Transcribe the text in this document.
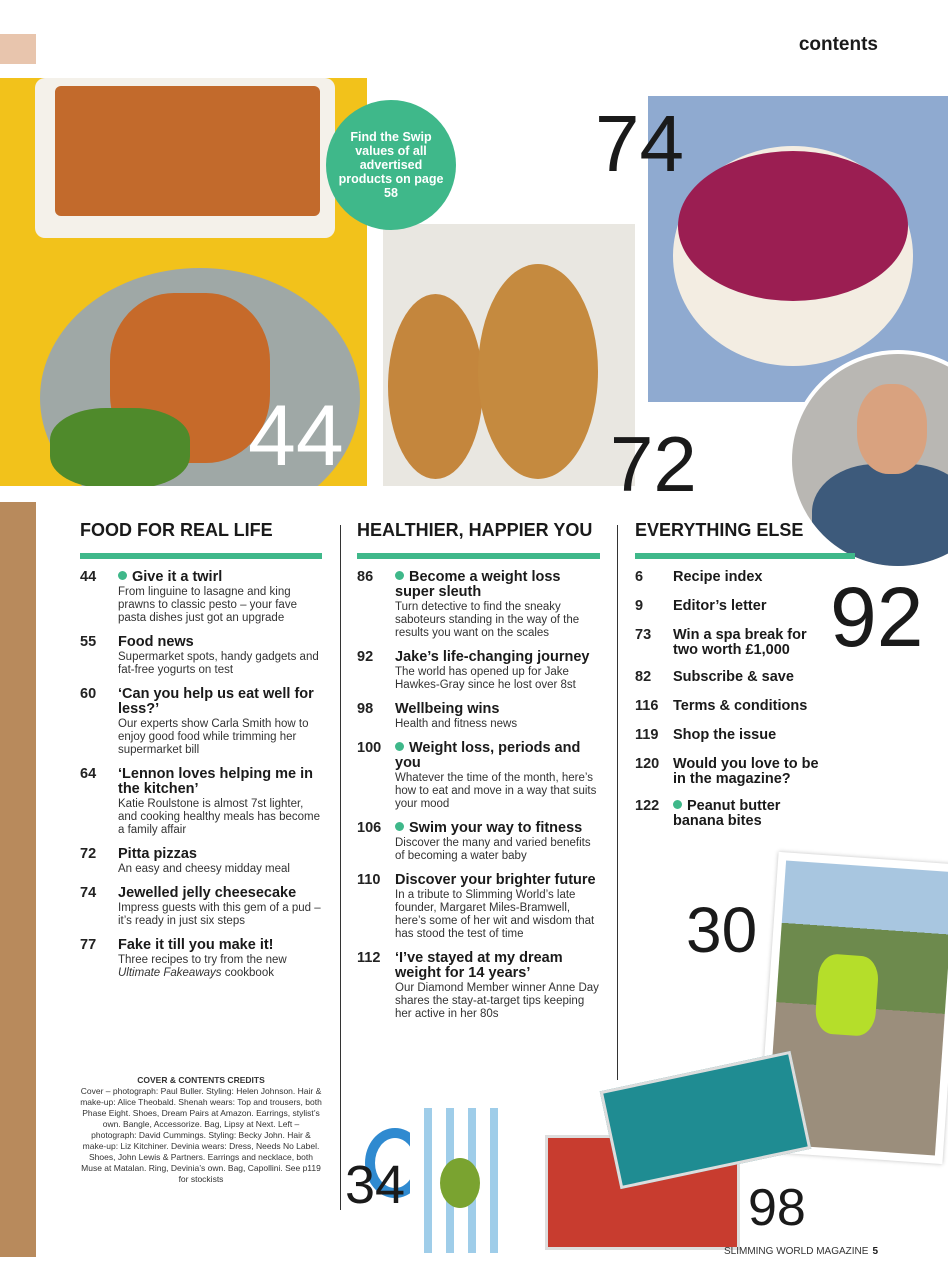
44
74
72
92
30
34	98
Find the Swip values of all advertised products on page 58
contents
FOOD FOR REAL LIFE
44	Give it a twirl
From linguine to lasagne and king prawns to classic pesto – your fave pasta dishes just got an upgrade
55	Food news
Supermarket spots, handy gadgets and fat-free yogurts on test
60	‘Can you help us eat well for less?’
Our experts show Carla Smith how to enjoy good food while trimming her supermarket bill
64	‘Lennon loves helping me in the kitchen’
Katie Roulstone is almost 7st lighter, and cooking healthy meals has become a family affair
72	Pitta pizzas
An easy and cheesy midday meal
74	Jewelled jelly cheesecake
Impress guests with this gem of a pud – it’s ready in just six steps
77	Fake it till you make it!
Three recipes to try from the new
Ultimate Fakeaways cookbook
HEALTHIER, HAPPIER YOU
86	Become a weight loss super sleuth
Turn detective to find the sneaky saboteurs standing in the way of the results you want on the scales
92	Jake’s life-changing journey
The world has opened up for Jake Hawkes-Gray since he lost over 8st
98	Wellbeing wins
Health and fitness news
100	Weight loss, periods and you
Whatever the time of the month, here’s how to eat and move in a way that suits your mood
106	Swim your way to fitness
Discover the many and varied benefits of becoming a water baby
110	Discover your brighter future
In a tribute to Slimming World’s late founder, Margaret Miles-Bramwell, here’s some of her wit and wisdom that has stood the test of time
112	‘I’ve stayed at my dream weight for 14 years’
Our Diamond Member winner Anne Day shares the stay-at-target tips keeping her active in her 80s
EVERYTHING ELSE
6	Recipe index
9	Editor’s letter
73	Win a spa break for two worth £1,000
82	Subscribe & save
116	Terms & conditions
119	Shop the issue
120 Would you love to be in the magazine?
122	Peanut butter banana bites
COVER & CONTENTS CREDITS
Cover – photograph: Paul Buller. Styling: Helen Johnson. Hair & make-up: Alice Theobald. Shenah wears: Top and trousers, both Phase Eight. Shoes, Dream Pairs at Amazon. Earrings, stylist’s own. Bangle, Accessorize. Bag, Lipsy at Next. Left – photograph: David Cummings. Styling: Becky John. Hair & make-up: Liz Kitchiner. Devinia wears: Dress, Needs No Label. Shoes, John Lewis & Partners. Earrings and necklace, both Muse at Matalan. Ring, Devinia’s own. Bag, Capollini. See p119 for stockists
SLIMMING WORLD MAGAZINE 5
